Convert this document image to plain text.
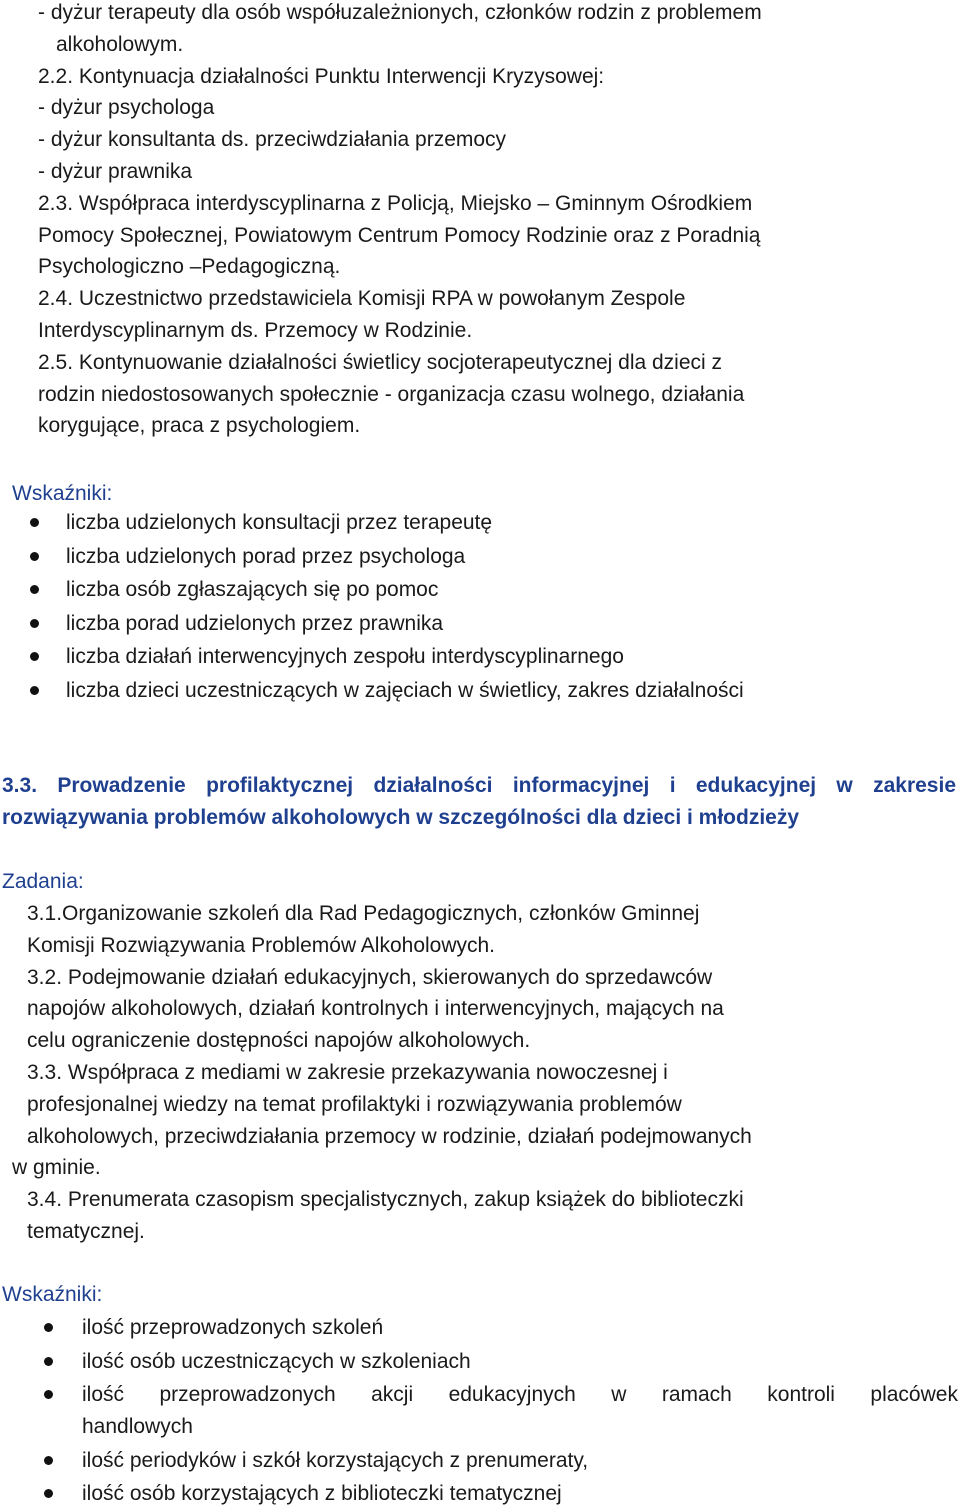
- dyżur terapeuty dla osób współuzależnionych, członków rodzin z problemem
alkoholowym.
2.2. Kontynuacja działalności Punktu Interwencji Kryzysowej:
- dyżur psychologa
- dyżur konsultanta ds. przeciwdziałania przemocy
- dyżur prawnika
2.3. Współpraca interdyscyplinarna z Policją, Miejsko – Gminnym Ośrodkiem
Pomocy Społecznej, Powiatowym Centrum Pomocy Rodzinie oraz z Poradnią
Psychologiczno –Pedagogiczną.
2.4. Uczestnictwo przedstawiciela Komisji RPA w powołanym Zespole
Interdyscyplinarnym ds. Przemocy w Rodzinie.
2.5. Kontynuowanie działalności świetlicy socjoterapeutycznej dla dzieci z
rodzin niedostosowanych społecznie - organizacja czasu wolnego, działania
korygujące, praca z psychologiem.
Wskaźniki:
liczba udzielonych konsultacji przez terapeutę
liczba udzielonych porad przez psychologa
liczba osób zgłaszających się po pomoc
liczba porad udzielonych przez prawnika
liczba działań interwencyjnych zespołu interdyscyplinarnego
liczba dzieci uczestniczących w zajęciach w świetlicy, zakres działalności
3.3. Prowadzenie profilaktycznej działalności informacyjnej i edukacyjnej w zakresie
rozwiązywania problemów alkoholowych w szczególności dla dzieci i młodzieży
Zadania:
3.1.Organizowanie szkoleń dla Rad Pedagogicznych, członków Gminnej
Komisji Rozwiązywania Problemów Alkoholowych.
3.2. Podejmowanie działań edukacyjnych, skierowanych do sprzedawców
napojów alkoholowych, działań kontrolnych i interwencyjnych, mających na
celu ograniczenie dostępności napojów alkoholowych.
3.3. Współpraca z mediami w zakresie przekazywania nowoczesnej i
profesjonalnej wiedzy na temat profilaktyki i rozwiązywania problemów
alkoholowych, przeciwdziałania przemocy w rodzinie, działań podejmowanych
w gminie.
3.4. Prenumerata czasopism specjalistycznych, zakup książek do biblioteczki
tematycznej.
Wskaźniki:
ilość przeprowadzonych szkoleń
ilość osób uczestniczących w szkoleniach
ilość przeprowadzonych akcji edukacyjnych w ramach kontroli placówek
handlowych
ilość periodyków i szkół korzystających z prenumeraty,
ilość osób korzystających z biblioteczki tematycznej
